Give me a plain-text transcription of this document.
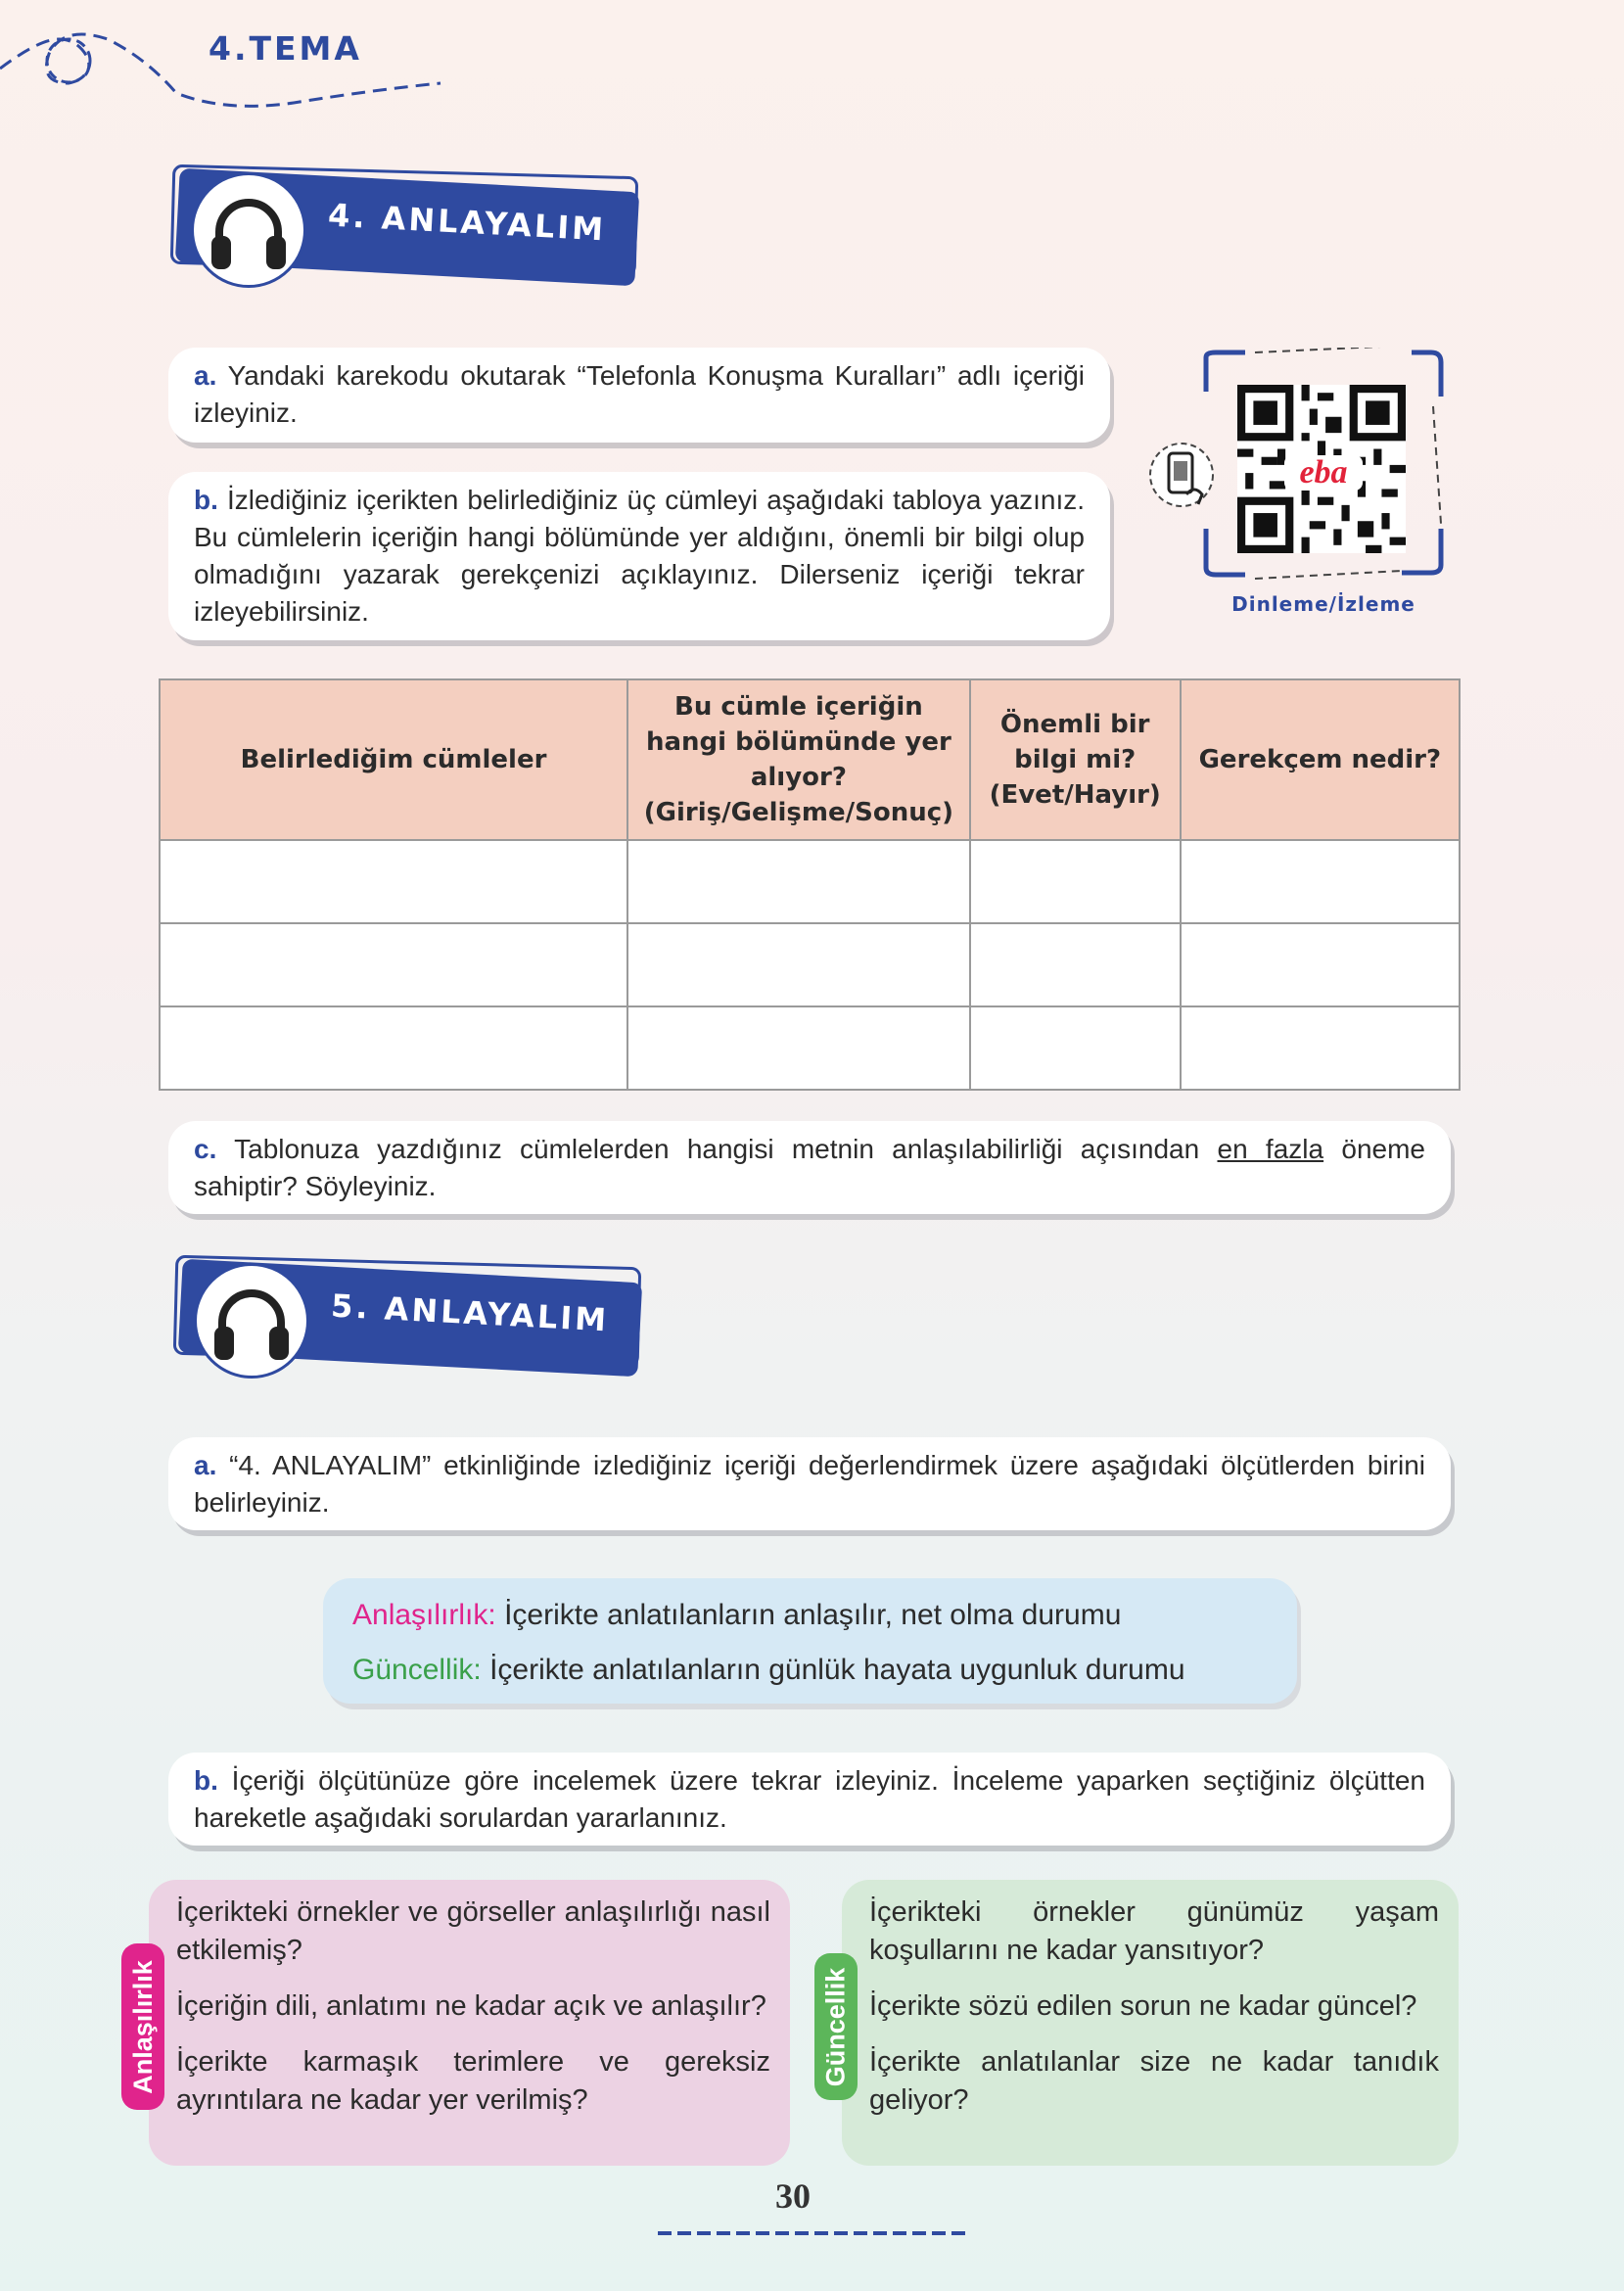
4.TEMA
4. ANLAYALIM
a. Yandaki karekodu okutarak “Telefonla Konuşma Kuralları” adlı içeriği izleyiniz.
b. İzlediğiniz içerikten belirlediğiniz üç cümleyi aşağıdaki tabloya yazınız. Bu cümlelerin içeriğin hangi bölümünde yer aldığını, önemli bir bilgi olup olmadığını yazarak gerekçenizi açıklayınız. Dilerseniz içeriği tekrar izleyebilirsiniz.
eba
Dinleme/İzleme
Belirlediğim cümleler	Bu cümle içeriğin hangi bölümünde yer alıyor? (Giriş/Gelişme/Sonuç)	Önemli bir bilgi mi? (Evet/Hayır)	Gerekçem nedir?

c. Tablonuza yazdığınız cümlelerden hangisi metnin anlaşılabilirliği açısından en fazla öneme sahiptir? Söyleyiniz.
5. ANLAYALIM
a. “4. ANLAYALIM” etkinliğinde izlediğiniz içeriği değerlendirmek üzere aşağıdaki ölçütlerden birini belirleyiniz.
Anlaşılırlık: İçerikte anlatılanların anlaşılır, net olma durumu
Güncellik: İçerikte anlatılanların günlük hayata uygunluk durumu
b. İçeriği ölçütünüze göre incelemek üzere tekrar izleyiniz. İnceleme yaparken seçtiğiniz ölçütten hareketle aşağıdaki sorulardan yararlanınız.

İçerikteki örnekler ve görseller anlaşılırlığı nasıl etkilemiş?

İçeriğin dili, anlatımı ne kadar açık ve anlaşılır?

İçerikte karmaşık terimlere ve gereksiz ayrıntılara ne kadar yer verilmiş?

Anlaşılırlık

İçerikteki örnekler günümüz yaşam koşullarını ne kadar yansıtıyor?

İçerikte sözü edilen sorun ne kadar güncel?

İçerikte anlatılanlar size ne kadar tanıdık geliyor?

Güncellik
30
